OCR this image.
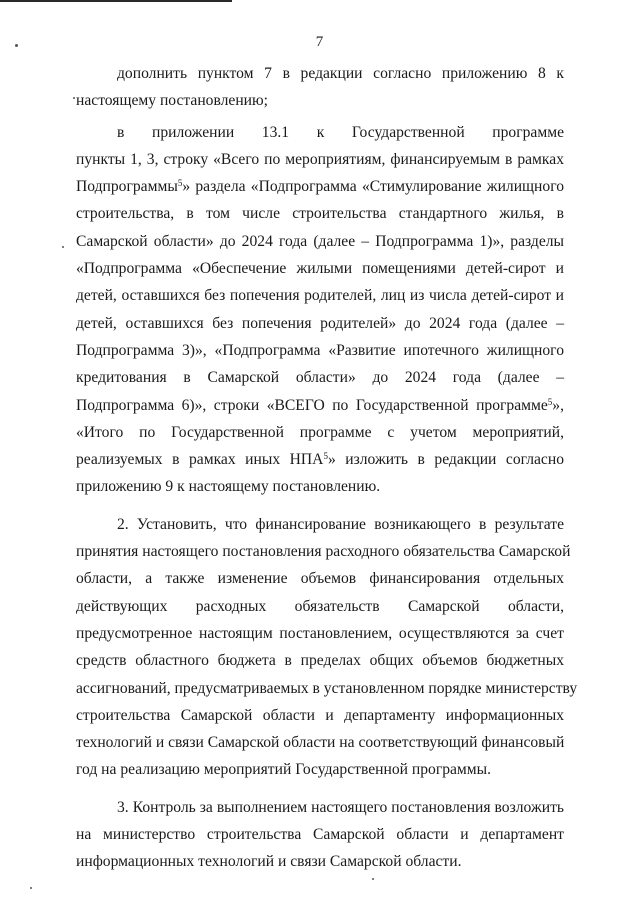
7
дополнить пунктом 7 в редакции согласно приложению 8 к
настоящему постановлению;
в приложении 13.1 к Государственной программе
пункты 1, 3, строку «Всего по мероприятиям, финансируемым в рамках
Подпрограммы$^5$» раздела «Подпрограмма «Стимулирование жилищного
строительства, в том числе строительства стандартного жилья, в
Самарской области» до 2024 года (далее – Подпрограмма 1)», разделы
«Подпрограмма «Обеспечение жилыми помещениями детей-сирот и
детей, оставшихся без попечения родителей, лиц из числа детей-сирот и
детей, оставшихся без попечения родителей» до 2024 года (далее –
Подпрограмма 3)», «Подпрограмма «Развитие ипотечного жилищного
кредитования в Самарской области» до 2024 года (далее –
Подпрограмма 6)», строки «ВСЕГО по Государственной программе$^5$»,
«Итого по Государственной программе с учетом мероприятий,
реализуемых в рамках иных НПА$^5$» изложить в редакции согласно
приложению 9 к настоящему постановлению.
2. Установить, что финансирование возникающего в результате
принятия настоящего постановления расходного обязательства Самарской
области, а также изменение объемов финансирования отдельных
действующих расходных обязательств Самарской области,
предусмотренное настоящим постановлением, осуществляются за счет
средств областного бюджета в пределах общих объемов бюджетных
ассигнований, предусматриваемых в установленном порядке министерству
строительства Самарской области и департаменту информационных
технологий и связи Самарской области на соответствующий финансовый
год на реализацию мероприятий Государственной программы.
3. Контроль за выполнением настоящего постановления возложить
на министерство строительства Самарской области и департамент
информационных технологий и связи Самарской области.
